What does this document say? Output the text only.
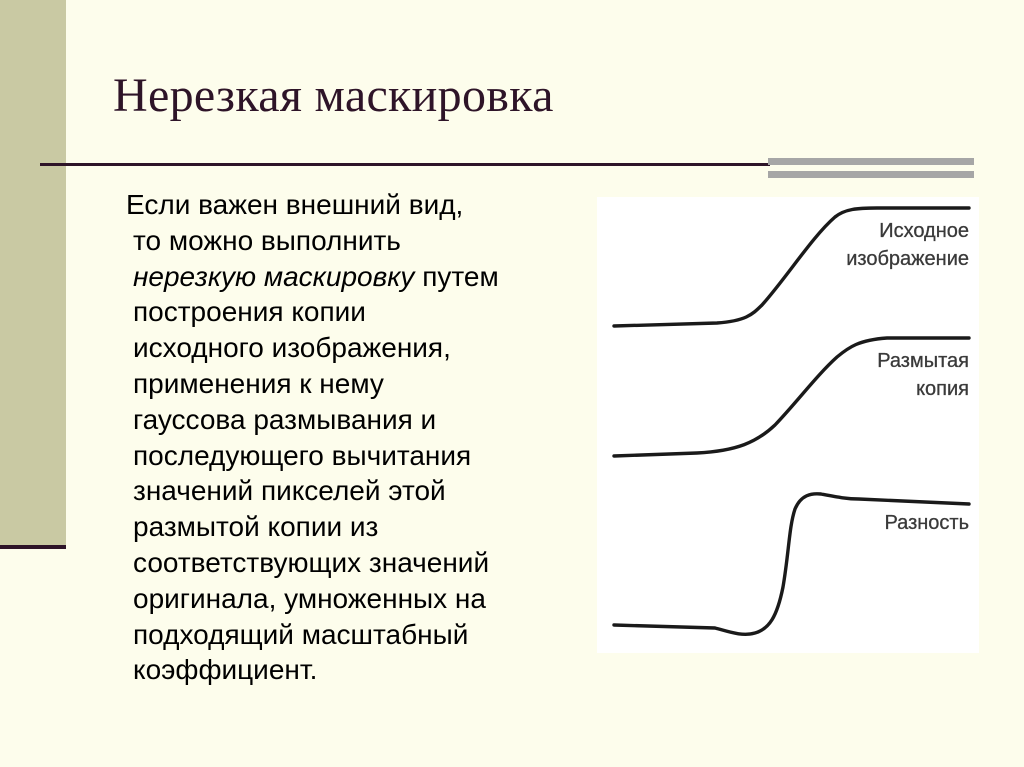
Нерезкая маскировка

Если важен внешний вид,
то можно выполнить
нерезкую маскировку путем
построения копии
исходного изображения,
применения к нему
гауссова размывания и
последующего вычитания
значений пикселей этой
размытой копии из
соответствующих значений
оригинала, умноженных на
подходящий масштабный
коэффициент.

Исходное
изображение
Размытая
копия
Разность
